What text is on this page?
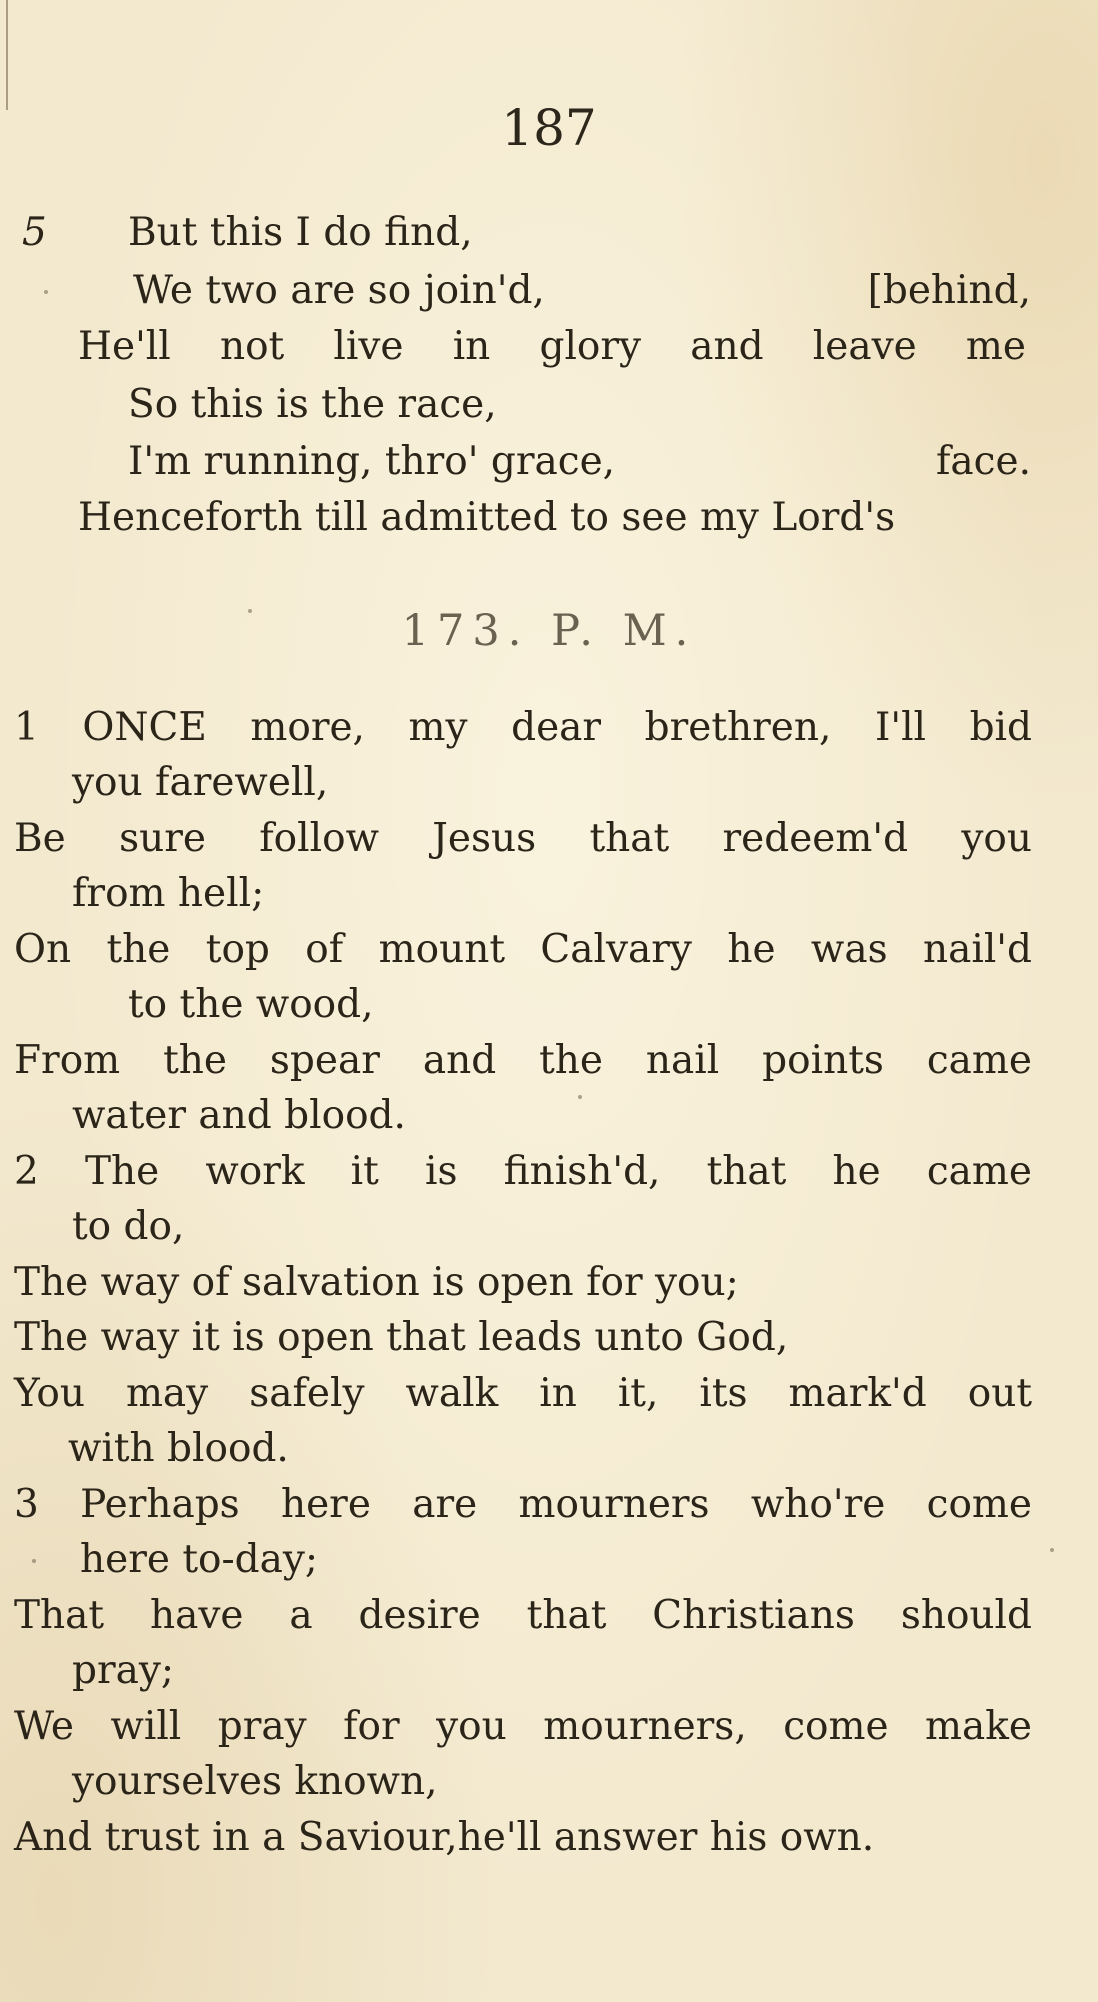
187
5 But this I do find,
We two are so join'd,	[behind,
He'll not live in glory and leave me
So this is the race,
I'm running, thro' grace,	face.
Henceforth till admitted to see my Lord's
173. P. M.
1 ONCE more, my dear brethren, I'll bid
you farewell,
Be sure follow Jesus that redeem'd you
from hell;
On the top of mount Calvary he was nail'd
to the wood,
From the spear and the nail points came
water and blood.
2 The work it is finish'd, that he came
to do,
The way of salvation is open for you;
The way it is open that leads unto God,
You may safely walk in it, its mark'd out
with blood.
3 Perhaps here are mourners who're come
here to-day;
That have a desire that Christians should
pray;
We will pray for you mourners, come make
yourselves known,
And trust in a Saviour,he'll answer his own.
